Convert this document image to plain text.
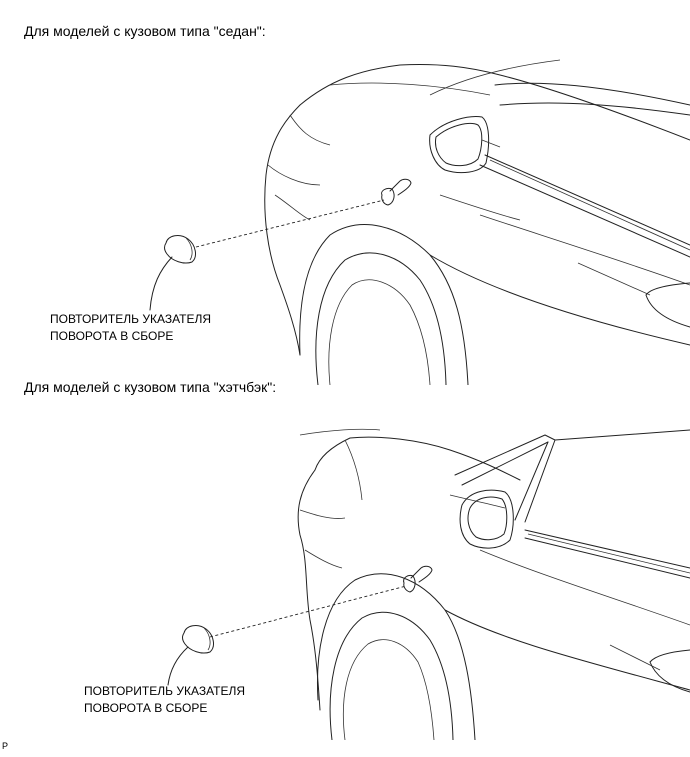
Для моделей с кузовом типа "седан":
ПОВТОРИТЕЛЬ УКАЗАТЕЛЯ
ПОВОРОТА В СБОРЕ
Для моделей с кузовом типа "хэтчбэк":
ПОВТОРИТЕЛЬ УКАЗАТЕЛЯ
ПОВОРОТА В СБОРЕ
P
